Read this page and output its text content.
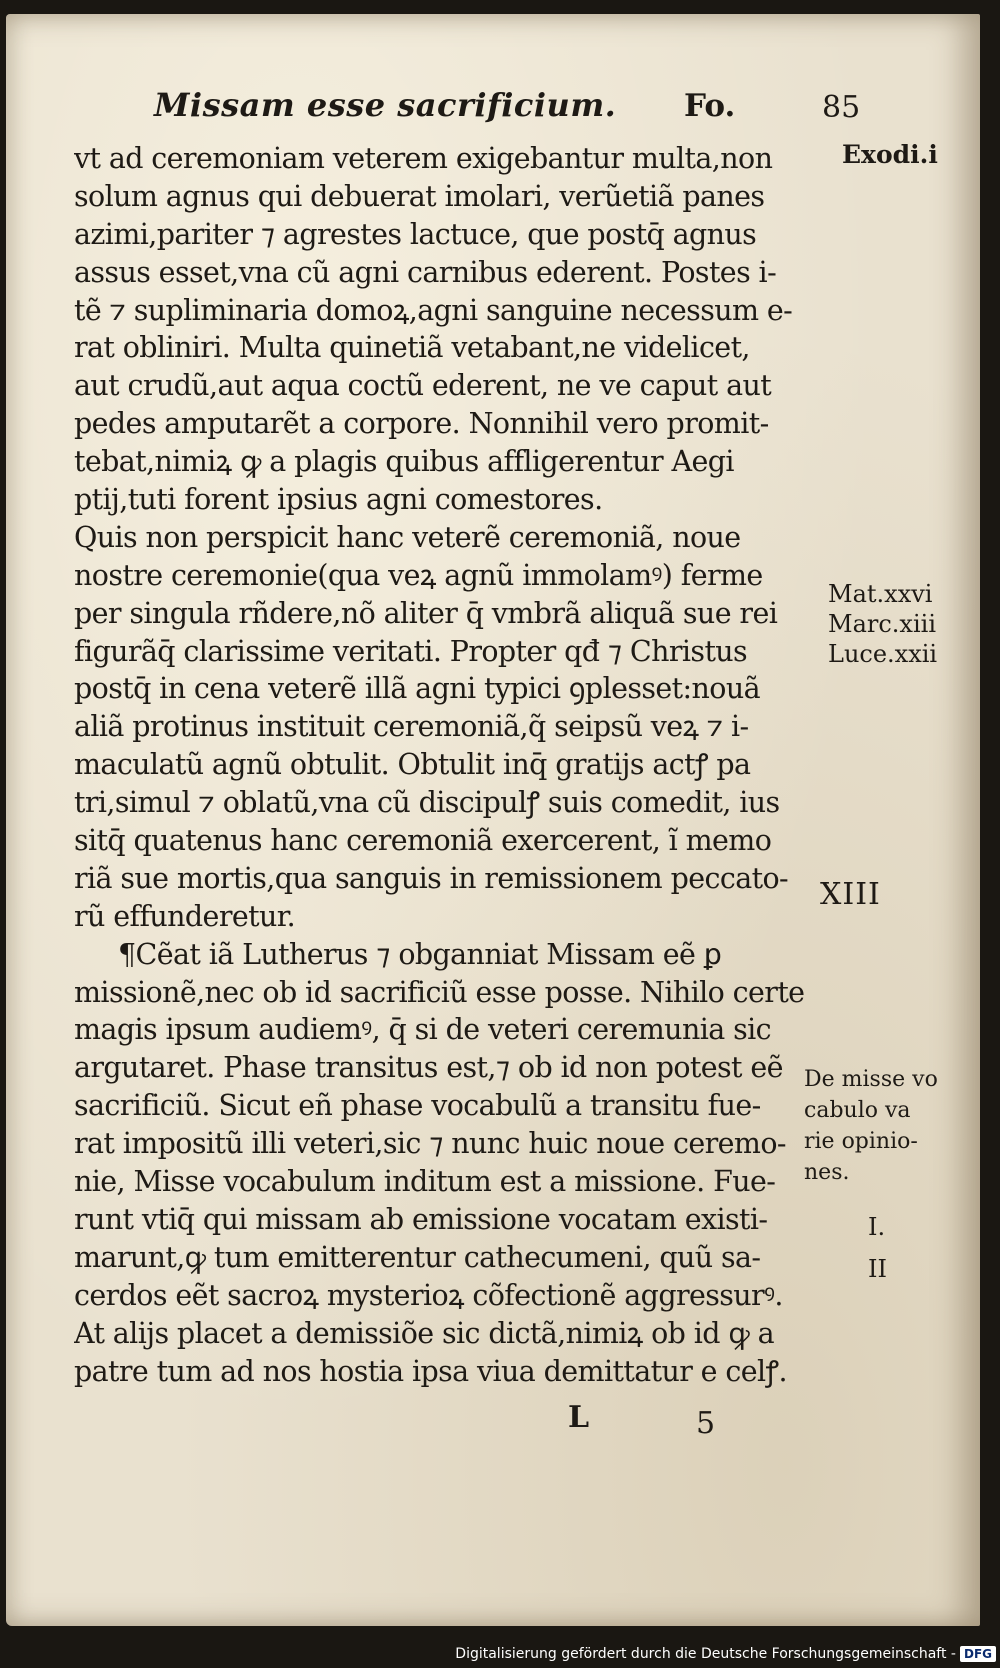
Missam esse sacrificium. Fo.	85
vt ad ceremoniam veterem exigebantur multa,non
solum agnus qui debuerat imolari, verũetiã panes
azimi,pariter ⁊ agrestes lactuce, que postq̄ agnus
assus esset,vna cũ agni carnibus ederent. Postes i-
tẽ ⁊ supliminaria domoꝝ,agni sanguine necessum e-
rat obliniri. Multa quinetiã vetabant,ne videlicet,
aut crudũ,aut aqua coctũ ederent, ne ve caput aut
pedes amputarẽt a corpore. Nonnihil vero promit-
tebat,nimiꝝ ꝙ a plagis quibus affligerentur Aegi
ptij,tuti forent ipsius agni comestores.
Quis non perspicit hanc veterẽ ceremoniã, noue
nostre ceremonie(qua veꝝ agnũ immolamꝰ) ferme
per singula rñdere,nõ aliter q̄ vmbrã aliquã sue rei
figurãq̄ clarissime veritati. Propter qđ ⁊ Christus
postq̄ in cena veterẽ illã agni typici ꝯplesset:nouã
aliã protinus instituit ceremoniã,q̃ seipsũ veꝝ ⁊ i-
maculatũ agnũ obtulit. Obtulit inq̄ gratijs actꝭ pa
tri,simul ⁊ oblatũ,vna cũ discipulꝭ suis comedit, ius
sitq̄ quatenus hanc ceremoniã exercerent, ĩ memo
riã sue mortis,qua sanguis in remissionem peccato-
rũ effunderetur.
¶Cẽat iã Lutherus ⁊ obganniat Missam eẽ ꝑ
missionẽ,nec ob id sacrificiũ esse posse. Nihilo certe
magis ipsum audiemꝰ, q̄ si de veteri ceremunia sic
argutaret. Phase transitus est,⁊ ob id non potest eẽ
sacrificiũ. Sicut eñ phase vocabulũ a transitu fue-
rat impositũ illi veteri,sic ⁊ nunc huic noue ceremo-
nie, Misse vocabulum inditum est a missione. Fue-
runt vtiq̄ qui missam ab emissione vocatam existi-
marunt,ꝙ tum emitterentur cathecumeni, quũ sa-
cerdos eẽt sacroꝝ mysterioꝝ cõfectionẽ aggressurꝰ.
At alijs placet a demissiõe sic dictã,nimiꝝ ob id ꝙ a
patre tum ad nos hostia ipsa viua demittatur e celꝭ.
Exodi.i
Mat.xxvi
Marc.xiii
Luce.xxii
XIII
De misse vo
cabulo va
rie opinio-
nes.
I.
II
L	5
Digitalisierung gefördert durch die Deutsche Forschungsgemeinschaft - DFG
